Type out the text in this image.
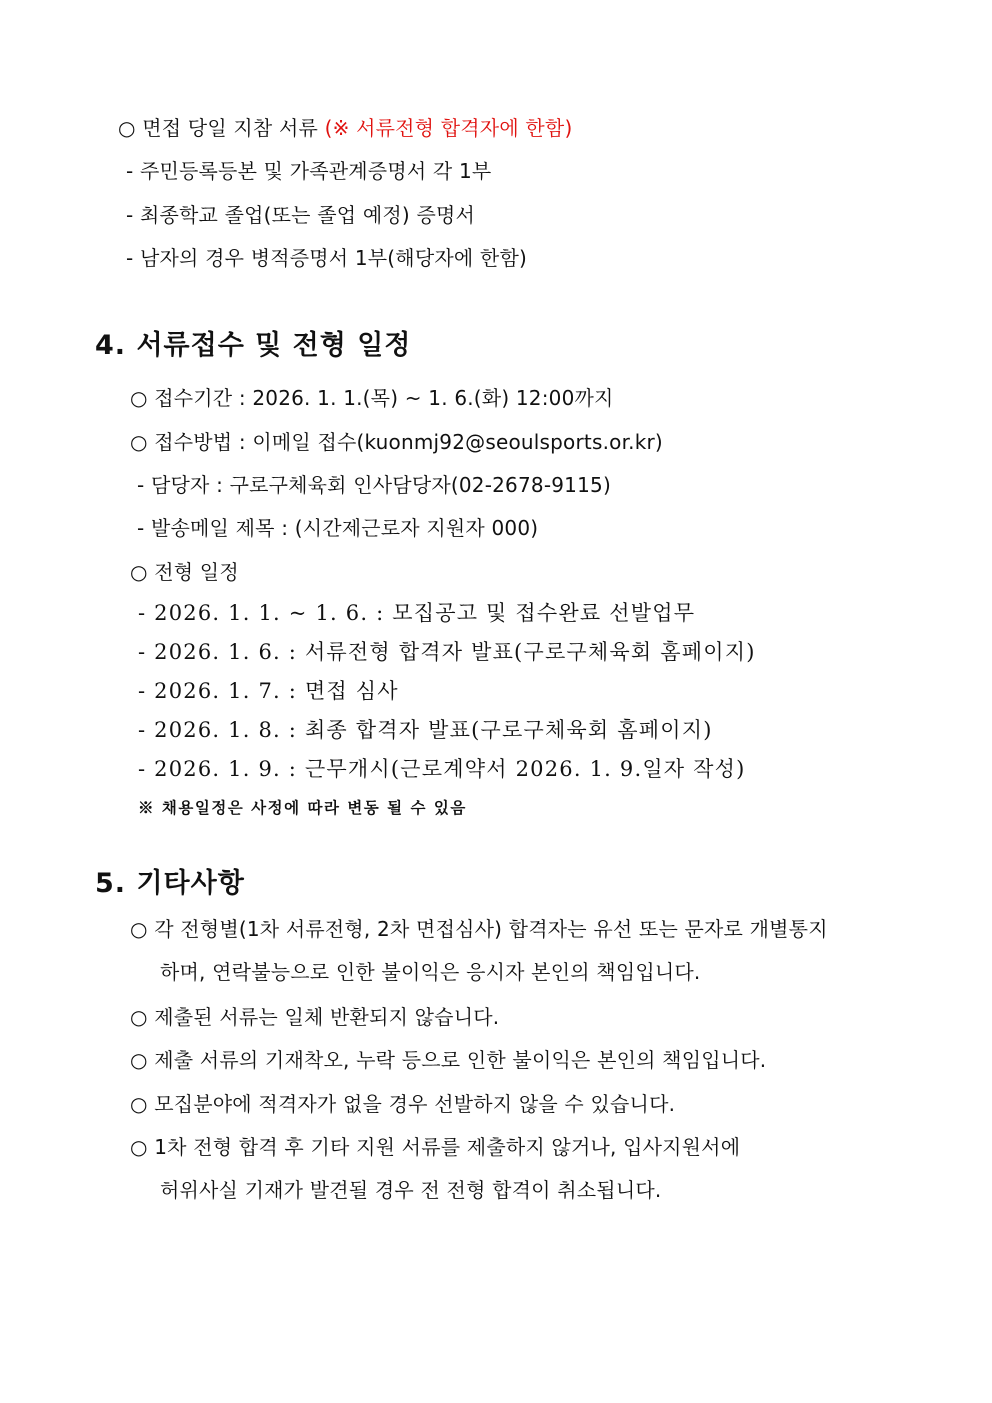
○ 면접 당일 지참 서류 (※ 서류전형 합격자에 한함)
- 주민등록등본 및 가족관계증명서 각 1부
- 최종학교 졸업(또는 졸업 예정) 증명서
- 남자의 경우 병적증명서 1부(해당자에 한함)
4. 서류접수 및 전형 일정
○ 접수기간 : 2026. 1. 1.(목) ~ 1. 6.(화) 12:00까지
○ 접수방법 : 이메일 접수(kuonmj92@seoulsports.or.kr)
- 담당자 : 구로구체육회 인사담당자(02-2678-9115)
- 발송메일 제목 : (시간제근로자 지원자 000)
○ 전형 일정
- 2026. 1. 1. ~ 1. 6. : 모집공고 및 접수완료 선발업무
- 2026. 1. 6. : 서류전형 합격자 발표(구로구체육회 홈페이지)
- 2026. 1. 7. : 면접 심사
- 2026. 1. 8. : 최종 합격자 발표(구로구체육회 홈페이지)
- 2026. 1. 9. : 근무개시(근로계약서 2026. 1. 9.일자 작성)
※ 채용일정은 사정에 따라 변동 될 수 있음
5. 기타사항
○ 각 전형별(1차 서류전형, 2차 면접심사) 합격자는 유선 또는 문자로 개별통지
하며, 연락불능으로 인한 불이익은 응시자 본인의 책임입니다.
○ 제출된 서류는 일체 반환되지 않습니다.
○ 제출 서류의 기재착오, 누락 등으로 인한 불이익은 본인의 책임입니다.
○ 모집분야에 적격자가 없을 경우 선발하지 않을 수 있습니다.
○ 1차 전형 합격 후 기타 지원 서류를 제출하지 않거나, 입사지원서에
허위사실 기재가 발견될 경우 전 전형 합격이 취소됩니다.
